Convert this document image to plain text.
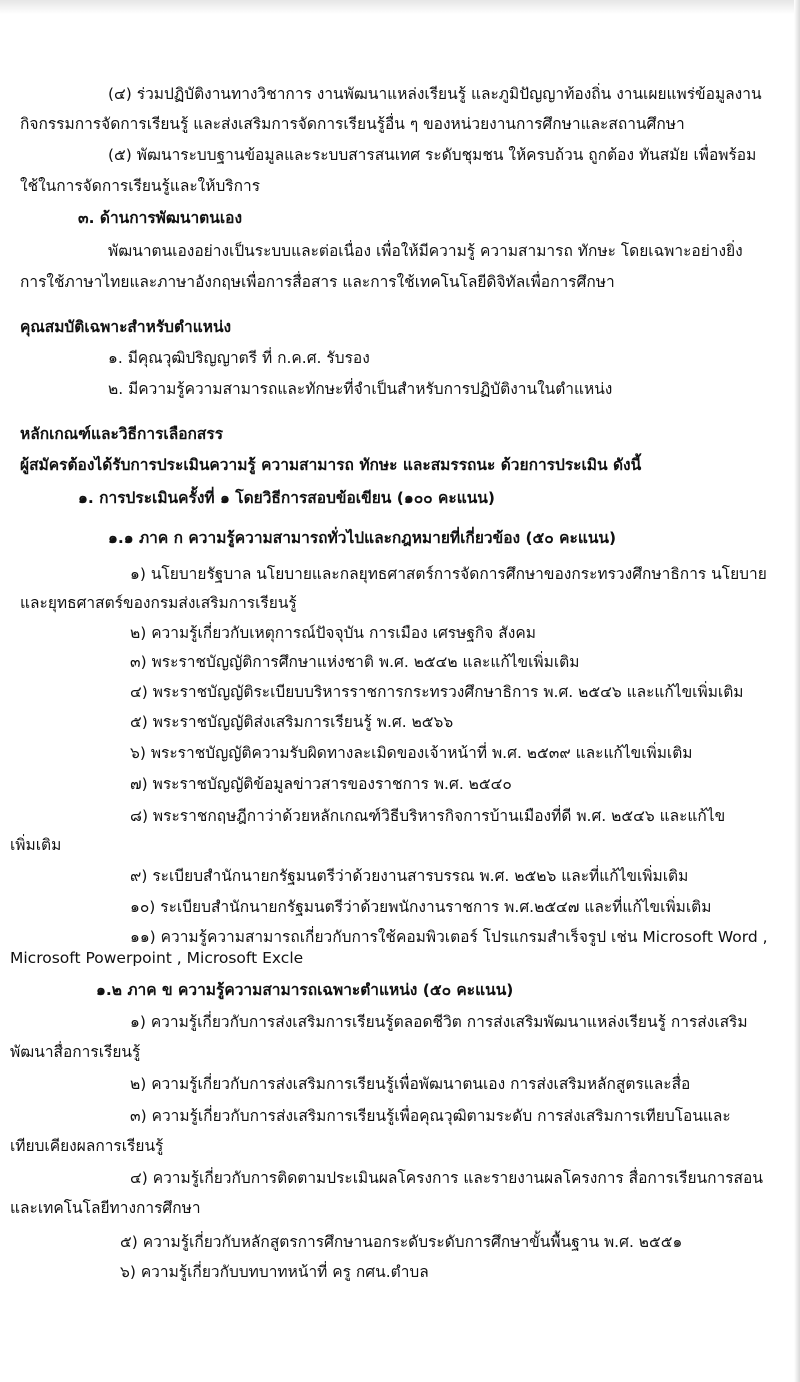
(๔) ร่วมปฏิบัติงานทางวิชาการ งานพัฒนาแหล่งเรียนรู้ และภูมิปัญญาท้องถิ่น งานเผยแพร่ข้อมูลงาน
กิจกรรมการจัดการเรียนรู้ และส่งเสริมการจัดการเรียนรู้อื่น ๆ ของหน่วยงานการศึกษาและสถานศึกษา
(๕) พัฒนาระบบฐานข้อมูลและระบบสารสนเทศ ระดับชุมชน ให้ครบถ้วน ถูกต้อง ทันสมัย เพื่อพร้อม
ใช้ในการจัดการเรียนรู้และให้บริการ
๓. ด้านการพัฒนาตนเอง
พัฒนาตนเองอย่างเป็นระบบและต่อเนื่อง เพื่อให้มีความรู้ ความสามารถ ทักษะ โดยเฉพาะอย่างยิ่ง
การใช้ภาษาไทยและภาษาอังกฤษเพื่อการสื่อสาร และการใช้เทคโนโลยีดิจิทัลเพื่อการศึกษา
คุณสมบัติเฉพาะสำหรับตำแหน่ง
๑. มีคุณวุฒิปริญญาตรี ที่ ก.ค.ศ. รับรอง
๒. มีความรู้ความสามารถและทักษะที่จำเป็นสำหรับการปฏิบัติงานในตำแหน่ง
หลักเกณฑ์และวิธีการเลือกสรร
ผู้สมัครต้องได้รับการประเมินความรู้ ความสามารถ ทักษะ และสมรรถนะ ด้วยการประเมิน ดังนี้
๑. การประเมินครั้งที่ ๑ โดยวิธีการสอบข้อเขียน (๑๐๐ คะแนน)
๑.๑ ภาค ก ความรู้ความสามารถทั่วไปและกฎหมายที่เกี่ยวข้อง (๕๐ คะแนน)
๑) นโยบายรัฐบาล นโยบายและกลยุทธศาสตร์การจัดการศึกษาของกระทรวงศึกษาธิการ นโยบาย
และยุทธศาสตร์ของกรมส่งเสริมการเรียนรู้
๒) ความรู้เกี่ยวกับเหตุการณ์ปัจจุบัน การเมือง เศรษฐกิจ สังคม
๓) พระราชบัญญัติการศึกษาแห่งชาติ พ.ศ. ๒๕๔๒ และแก้ไขเพิ่มเติม
๔) พระราชบัญญัติระเบียบบริหารราชการกระทรวงศึกษาธิการ พ.ศ. ๒๕๔๖ และแก้ไขเพิ่มเติม
๕) พระราชบัญญัติส่งเสริมการเรียนรู้ พ.ศ. ๒๕๖๖
๖) พระราชบัญญัติความรับผิดทางละเมิดของเจ้าหน้าที่ พ.ศ. ๒๕๓๙ และแก้ไขเพิ่มเติม
๗) พระราชบัญญัติข้อมูลข่าวสารของราชการ พ.ศ. ๒๕๔๐
๘) พระราชกฤษฎีกาว่าด้วยหลักเกณฑ์วิธีบริหารกิจการบ้านเมืองที่ดี พ.ศ. ๒๕๔๖ และแก้ไข
เพิ่มเติม
๙) ระเบียบสำนักนายกรัฐมนตรีว่าด้วยงานสารบรรณ พ.ศ. ๒๕๒๖ และที่แก้ไขเพิ่มเติม
๑๐) ระเบียบสำนักนายกรัฐมนตรีว่าด้วยพนักงานราชการ พ.ศ.๒๕๔๗ และที่แก้ไขเพิ่มเติม
๑๑) ความรู้ความสามารถเกี่ยวกับการใช้คอมพิวเตอร์ โปรแกรมสำเร็จรูป เช่น Microsoft Word ,
Microsoft Powerpoint , Microsoft Excle
๑.๒ ภาค ข ความรู้ความสามารถเฉพาะตำแหน่ง (๕๐ คะแนน)
๑) ความรู้เกี่ยวกับการส่งเสริมการเรียนรู้ตลอดชีวิต การส่งเสริมพัฒนาแหล่งเรียนรู้ การส่งเสริม
พัฒนาสื่อการเรียนรู้
๒) ความรู้เกี่ยวกับการส่งเสริมการเรียนรู้เพื่อพัฒนาตนเอง การส่งเสริมหลักสูตรและสื่อ
๓) ความรู้เกี่ยวกับการส่งเสริมการเรียนรู้เพื่อคุณวุฒิตามระดับ การส่งเสริมการเทียบโอนและ
เทียบเคียงผลการเรียนรู้
๔) ความรู้เกี่ยวกับการติดตามประเมินผลโครงการ และรายงานผลโครงการ สื่อการเรียนการสอน
และเทคโนโลยีทางการศึกษา
๕) ความรู้เกี่ยวกับหลักสูตรการศึกษานอกระดับระดับการศึกษาขั้นพื้นฐาน พ.ศ. ๒๕๕๑
๖) ความรู้เกี่ยวกับบทบาทหน้าที่ ครู กศน.ตำบล
